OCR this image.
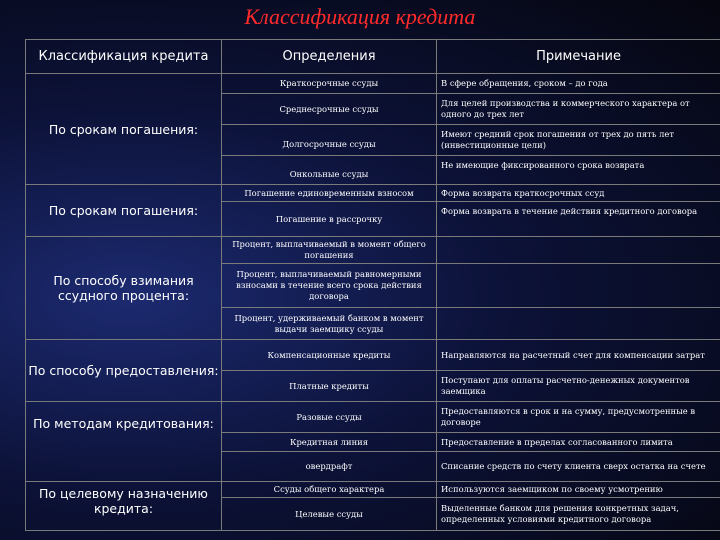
Классификация кредита
Классификация кредита	Определения	Примечание
По срокам погашения:	Краткосрочные ссуды	В сфере обращения, сроком – до года
	Среднесрочные ссуды	Для целей производства и коммерческого характера от одного до трех лет
	Долгосрочные ссуды	Имеют средний срок погашения от трех до пять лет (инвестиционные цели)
	Онкольные ссуды	Не имеющие фиксированного срока возврата
По срокам погашения:	Погашение единовременным взносом	Форма возврата краткосрочных ссуд
	Погашение в рассрочку	Форма возврата в течение действия кредитного договора
По способу взимания ссудного процента:	Процент, выплачиваемый в момент общего погашения	
	Процент, выплачиваемый равномерными взносами в течение всего срока действия договора	
	Процент, удерживаемый банком в момент выдачи заемщику ссуды	
По способу предоставления:	Компенсационные кредиты	Направляются на расчетный счет для компенсации затрат
	Платные кредиты	Поступают для оплаты расчетно-денежных документов заемщика
По методам кредитования:	Разовые ссуды	Предоставляются в срок и на сумму, предусмотренные в договоре
	Кредитная линия	Предоставление в пределах согласованного лимита
	овердрафт	Списание средств по счету клиента сверх остатка на счете
По целевому назначению кредита:	Ссуды общего характера	Используются заемщиком по своему усмотрению
	Целевые ссуды	Выделенные банком для решения конкретных задач, определенных условиями кредитного договора
